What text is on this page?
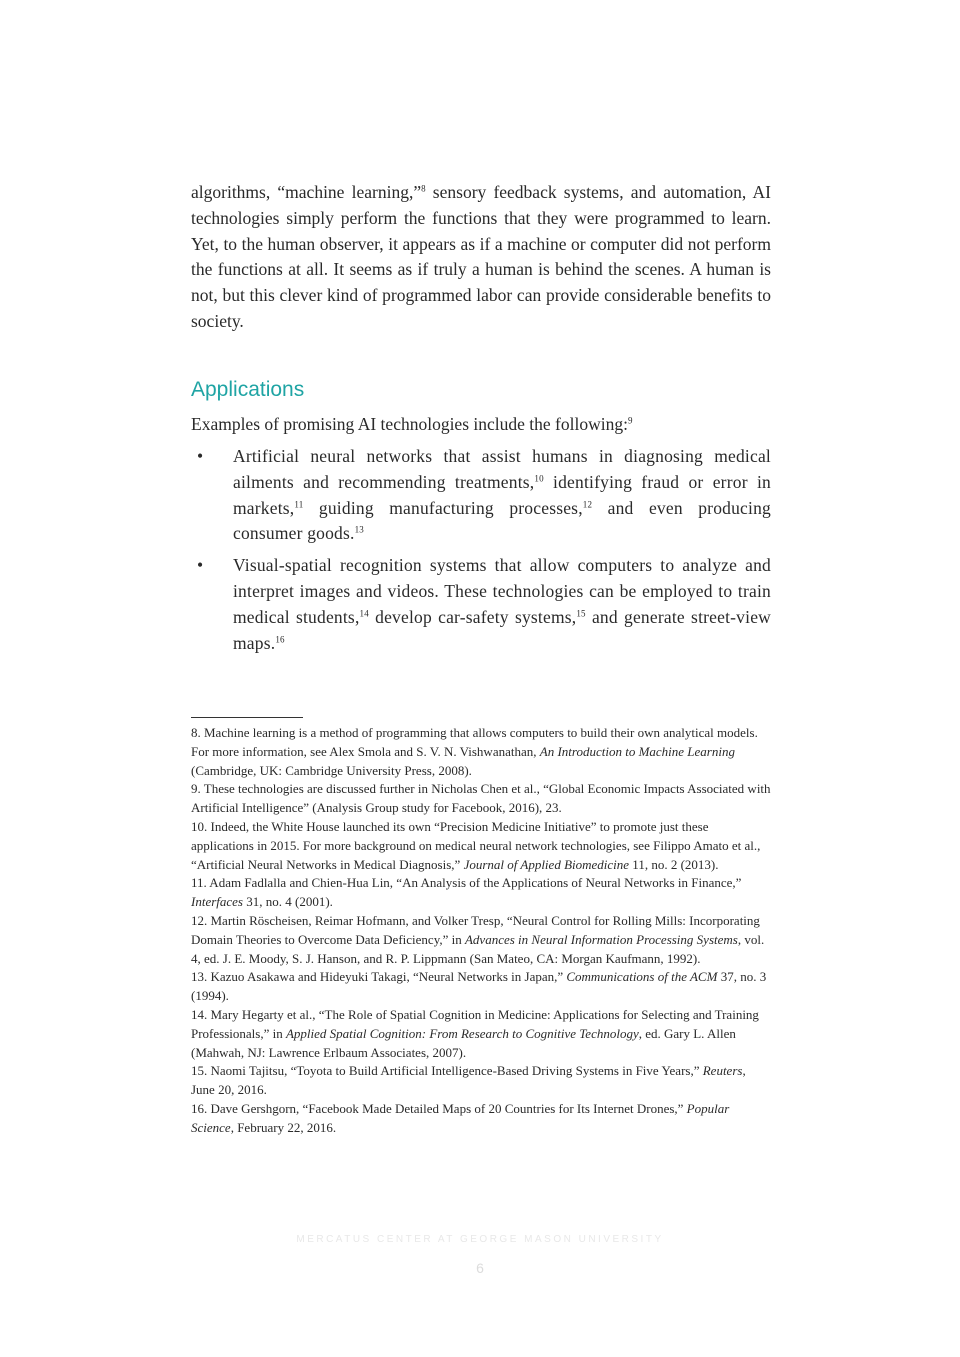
algorithms, “machine learning,”$^8$ sensory feedback systems, and automation, AI technologies simply perform the functions that they were programmed to learn. Yet, to the human observer, it appears as if a machine or computer did not perform the functions at all. It seems as if truly a human is behind the scenes. A human is not, but this clever kind of programmed labor can provide considerable benefits to society.

Applications

Examples of promising AI technologies include the following:$^9$

• Artificial neural networks that assist humans in diagnosing medical ailments and recommending treatments,$^{10}$ identifying fraud or error in markets,$^{11}$ guiding manufacturing processes,$^{12}$ and even producing consumer goods.$^{13}$

• Visual-spatial recognition systems that allow computers to analyze and interpret images and videos. These technologies can be employed to train medical students,$^{14}$ develop car-safety systems,$^{15}$ and generate street-view maps.$^{16}$

8. Machine learning is a method of programming that allows computers to build their own analytical models. For more information, see Alex Smola and S. V. N. Vishwanathan, An Introduction to Machine Learning (Cambridge, UK: Cambridge University Press, 2008).
9. These technologies are discussed further in Nicholas Chen et al., “Global Economic Impacts Associated with Artificial Intelligence” (Analysis Group study for Facebook, 2016), 23.
10. Indeed, the White House launched its own “Precision Medicine Initiative” to promote just these applications in 2015. For more background on medical neural network technologies, see Filippo Amato et al., “Artificial Neural Networks in Medical Diagnosis,” Journal of Applied Biomedicine 11, no. 2 (2013).
11. Adam Fadlalla and Chien-Hua Lin, “An Analysis of the Applications of Neural Networks in Finance,” Interfaces 31, no. 4 (2001).
12. Martin Röscheisen, Reimar Hofmann, and Volker Tresp, “Neural Control for Rolling Mills: Incorporating Domain Theories to Overcome Data Deficiency,” in Advances in Neural Information Processing Systems, vol. 4, ed. J. E. Moody, S. J. Hanson, and R. P. Lippmann (San Mateo, CA: Morgan Kaufmann, 1992).
13. Kazuo Asakawa and Hideyuki Takagi, “Neural Networks in Japan,” Communications of the ACM 37, no. 3 (1994).
14. Mary Hegarty et al., “The Role of Spatial Cognition in Medicine: Applications for Selecting and Training Professionals,” in Applied Spatial Cognition: From Research to Cognitive Technology, ed. Gary L. Allen (Mahwah, NJ: Lawrence Erlbaum Associates, 2007).
15. Naomi Tajitsu, “Toyota to Build Artificial Intelligence-Based Driving Systems in Five Years,” Reuters, June 20, 2016.
16. Dave Gershgorn, “Facebook Made Detailed Maps of 20 Countries for Its Internet Drones,” Popular Science, February 22, 2016.
MERCATUS CENTER AT GEORGE MASON UNIVERSITY
6
